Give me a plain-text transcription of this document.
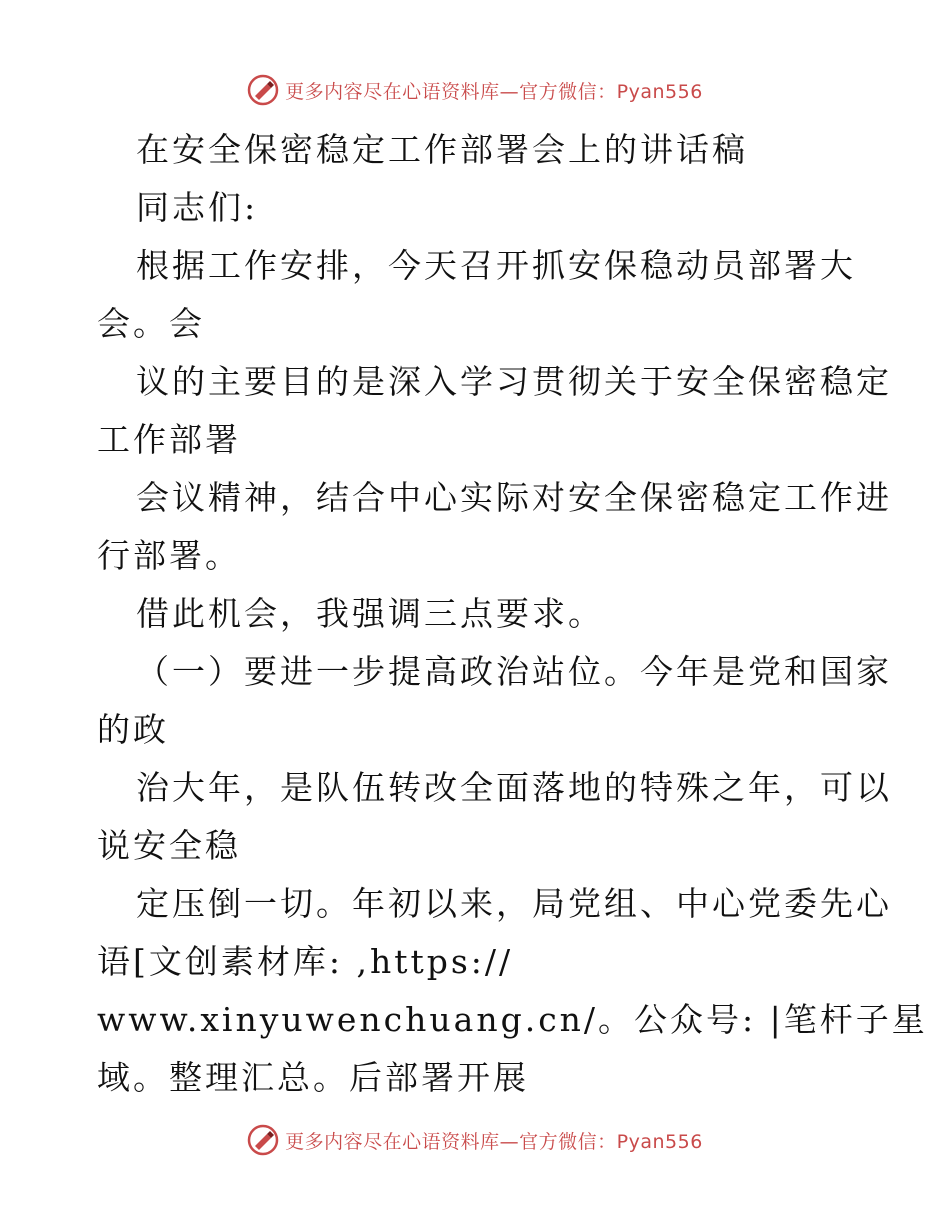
更多内容尽在心语资料库—官方微信：Pyan556
在安全保密稳定工作部署会上的讲话稿
同志们:
根据工作安排，今天召开抓安保稳动员部署大
会。会
议的主要目的是深入学习贯彻关于安全保密稳定
工作部署
会议精神，结合中心实际对安全保密稳定工作进
行部署。
借此机会，我强调三点要求。
（一）要进一步提高政治站位。今年是党和国家
的政
治大年，是队伍转改全面落地的特殊之年，可以
说安全稳
定压倒一切。年初以来，局党组、中心党委先心
语[文创素材库: ,https://
www.xinyuwenchuang.cn/。公众号: |笔杆子星
域。整理汇总。后部署开展
更多内容尽在心语资料库—官方微信：Pyan556
